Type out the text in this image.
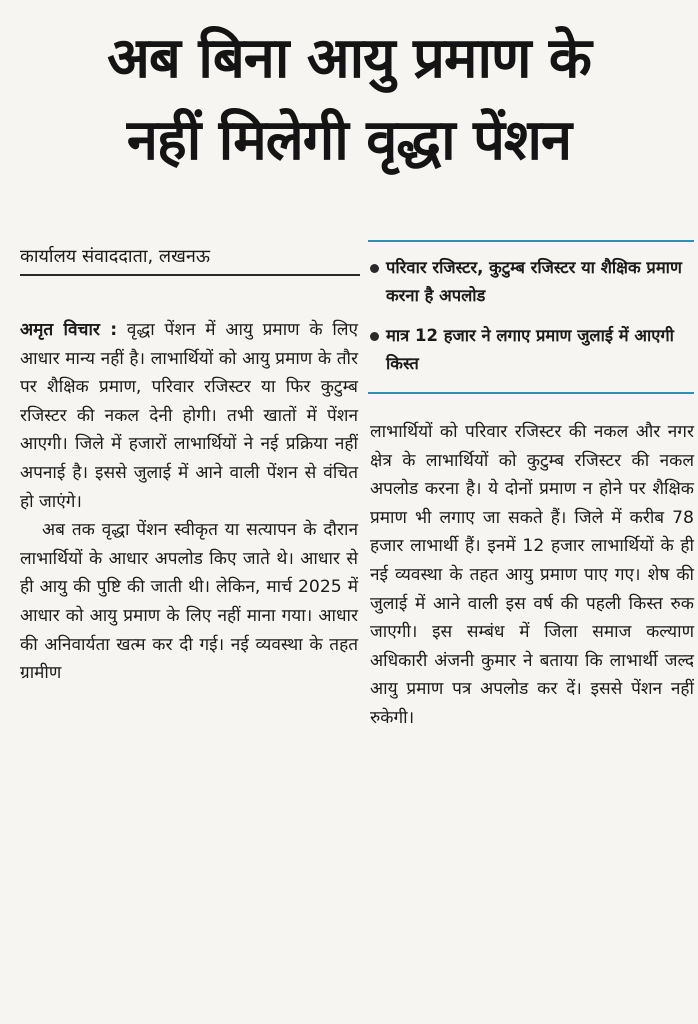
अब बिना आयु प्रमाण के
नहीं मिलेगी वृद्धा पेंशन
कार्यालय संवाददाता, लखनऊ
परिवार रजिस्टर, कुटुम्ब रजिस्टर या शैक्षिक प्रमाण करना है अपलोड
मात्र 12 हजार ने लगाए प्रमाण जुलाई में आएगी किस्त

अमृत विचार : वृद्धा पेंशन में आयु प्रमाण के लिए आधार मान्य नहीं है। लाभार्थियों को आयु प्रमाण के तौर पर शैक्षिक प्रमाण, परिवार रजिस्टर या फिर कुटुम्ब रजिस्टर की नकल देनी होगी। तभी खातों में पेंशन आएगी। जिले में हजारों लाभार्थियों ने नई प्रक्रिया नहीं अपनाई है। इससे जुलाई में आने वाली पेंशन से वंचित हो जाएंगे।

अब तक वृद्धा पेंशन स्वीकृत या सत्यापन के दौरान लाभार्थियों के आधार अपलोड किए जाते थे। आधार से ही आयु की पुष्टि की जाती थी। लेकिन, मार्च 2025 में आधार को आयु प्रमाण के लिए नहीं माना गया। आधार की अनिवार्यता खत्म कर दी गई। नई व्यवस्था के तहत ग्रामीण

लाभार्थियों को परिवार रजिस्टर की नकल और नगर क्षेत्र के लाभार्थियों को कुटुम्ब रजिस्टर की नकल अपलोड करना है। ये दोनों प्रमाण न होने पर शैक्षिक प्रमाण भी लगाए जा सकते हैं। जिले में करीब 78 हजार लाभार्थी हैं। इनमें 12 हजार लाभार्थियों के ही नई व्यवस्था के तहत आयु प्रमाण पाए गए। शेष की जुलाई में आने वाली इस वर्ष की पहली किस्त रुक जाएगी। इस सम्बंध में जिला समाज कल्याण अधिकारी अंजनी कुमार ने बताया कि लाभार्थी जल्द आयु प्रमाण पत्र अपलोड कर दें। इससे पेंशन नहीं रुकेगी।
